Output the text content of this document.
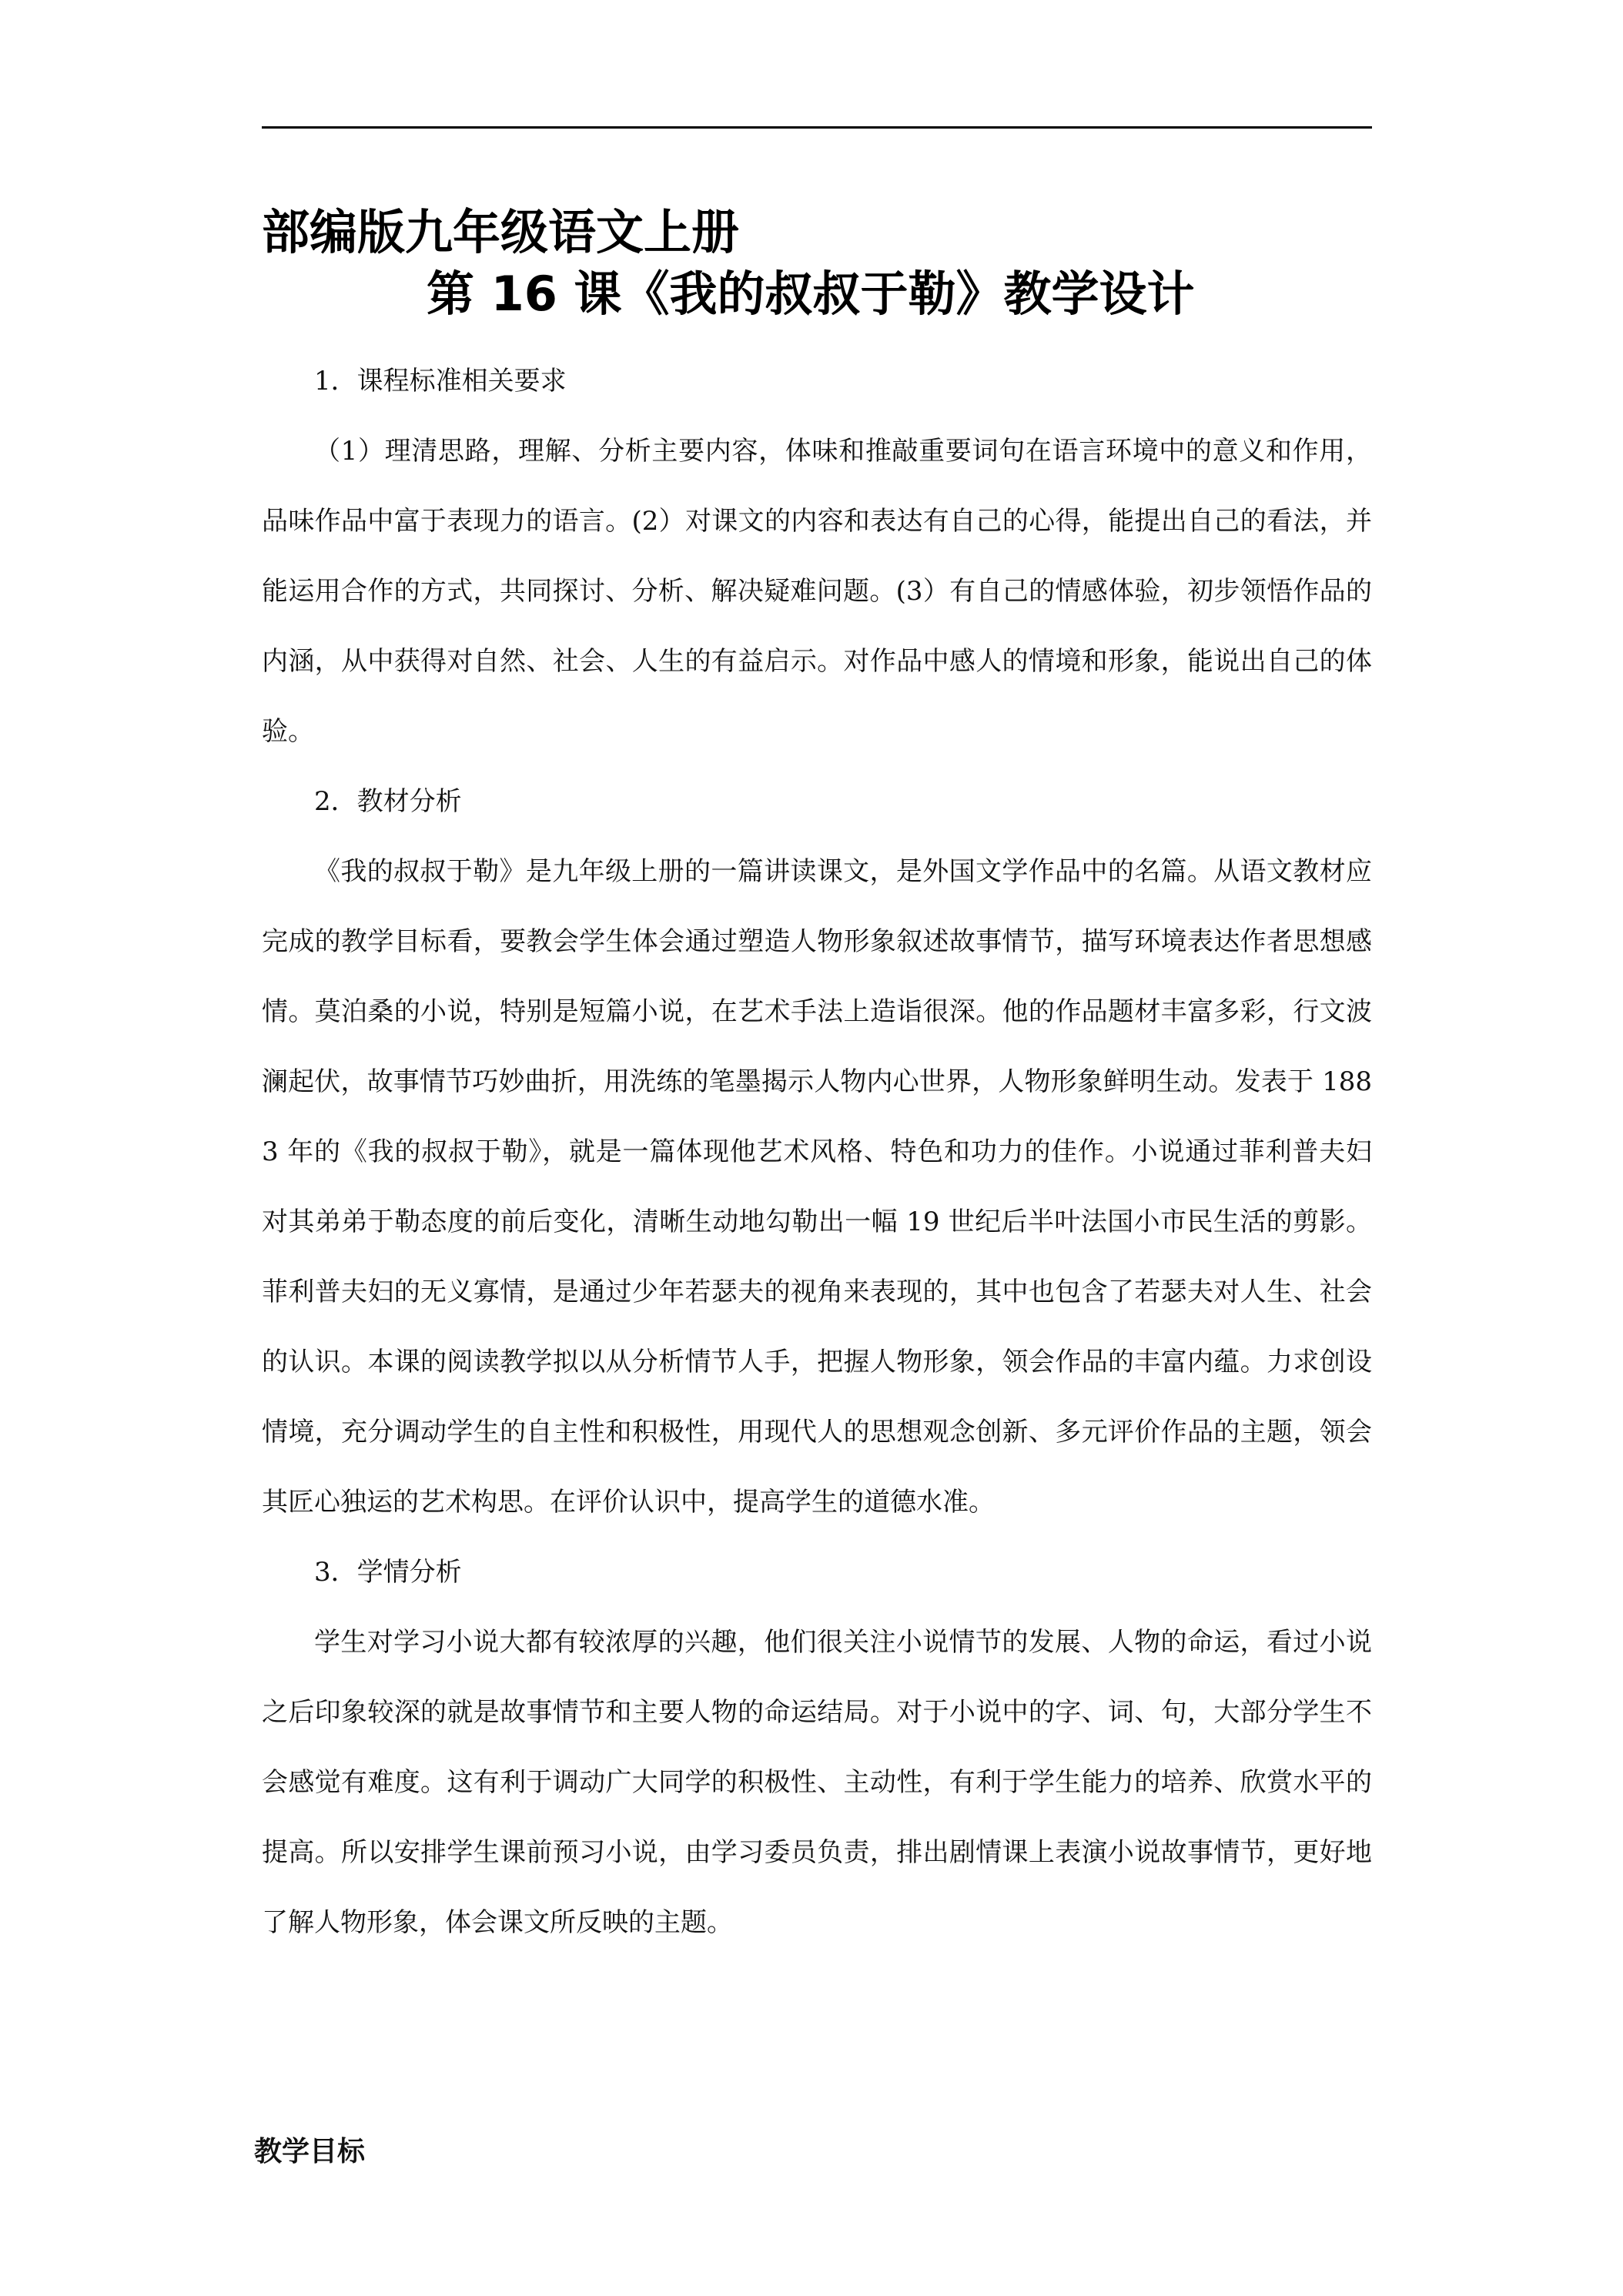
部编版九年级语文上册
第 16 课《我的叔叔于勒》教学设计

1．课程标准相关要求

（1）理清思路，理解、分析主要内容，体味和推敲重要词句在语言环境中的意义和作用，品味作品中富于表现力的语言。(2）对课文的内容和表达有自己的心得，能提出自己的看法，并能运用合作的方式，共同探讨、分析、解决疑难问题。(3）有自己的情感体验，初步领悟作品的内涵，从中获得对自然、社会、人生的有益启示。对作品中感人的情境和形象，能说出自己的体验。

2．教材分析

《我的叔叔于勒》是九年级上册的一篇讲读课文，是外国文学作品中的名篇。从语文教材应完成的教学目标看，要教会学生体会通过塑造人物形象叙述故事情节，描写环境表达作者思想感情。莫泊桑的小说，特别是短篇小说，在艺术手法上造诣很深。他的作品题材丰富多彩，行文波澜起伏，故事情节巧妙曲折，用洗练的笔墨揭示人物内心世界，人物形象鲜明生动。发表于 1883 年的《我的叔叔于勒》，就是一篇体现他艺术风格、特色和功力的佳作。小说通过菲利普夫妇对其弟弟于勒态度的前后变化，清晰生动地勾勒出一幅 19 世纪后半叶法国小市民生活的剪影。菲利普夫妇的无义寡情，是通过少年若瑟夫的视角来表现的，其中也包含了若瑟夫对人生、社会的认识。本课的阅读教学拟以从分析情节人手，把握人物形象，领会作品的丰富内蕴。力求创设情境，充分调动学生的自主性和积极性，用现代人的思想观念创新、多元评价作品的主题，领会其匠心独运的艺术构思。在评价认识中，提高学生的道德水准。

3．学情分析

学生对学习小说大都有较浓厚的兴趣，他们很关注小说情节的发展、人物的命运，看过小说之后印象较深的就是故事情节和主要人物的命运结局。对于小说中的字、词、句，大部分学生不会感觉有难度。这有利于调动广大同学的积极性、主动性，有利于学生能力的培养、欣赏水平的提高。所以安排学生课前预习小说，由学习委员负责，排出剧情课上表演小说故事情节，更好地了解人物形象，体会课文所反映的主题。

教学目标
